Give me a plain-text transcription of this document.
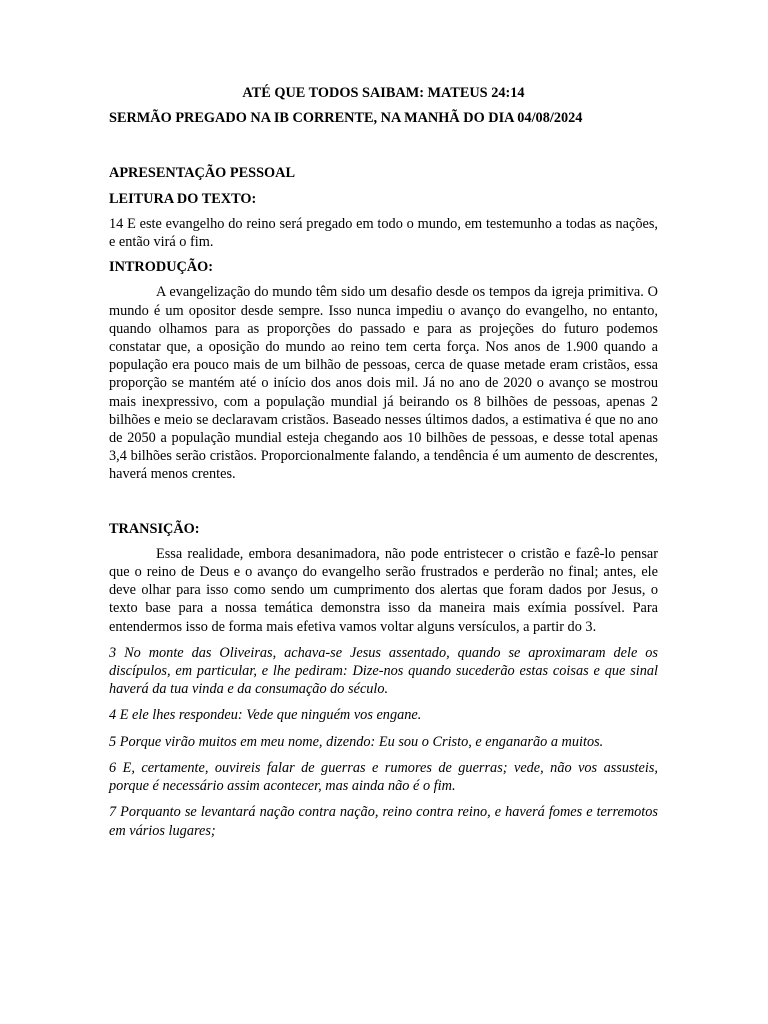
ATÉ QUE TODOS SAIBAM: MATEUS 24:14

SERMÃO PREGADO NA IB CORRENTE, NA MANHÃ DO DIA 04/08/2024

APRESENTAÇÃO PESSOAL

LEITURA DO TEXTO:

14 E este evangelho do reino será pregado em todo o mundo, em testemunho a todas as nações, e então virá o fim.

INTRODUÇÃO:

A evangelização do mundo têm sido um desafio desde os tempos da igreja primitiva. O mundo é um opositor desde sempre. Isso nunca impediu o avanço do evangelho, no entanto, quando olhamos para as proporções do passado e para as projeções do futuro podemos constatar que, a oposição do mundo ao reino tem certa força. Nos anos de 1.900 quando a população era pouco mais de um bilhão de pessoas, cerca de quase metade eram cristãos, essa proporção se mantém até o início dos anos dois mil. Já no ano de 2020 o avanço se mostrou mais inexpressivo, com a população mundial já beirando os 8 bilhões de pessoas, apenas 2 bilhões e meio se declaravam cristãos. Baseado nesses últimos dados, a estimativa é que no ano de 2050 a população mundial esteja chegando aos 10 bilhões de pessoas, e desse total apenas 3,4 bilhões serão cristãos. Proporcionalmente falando, a tendência é um aumento de descrentes, haverá menos crentes.

TRANSIÇÃO:

Essa realidade, embora desanimadora, não pode entristecer o cristão e fazê-lo pensar que o reino de Deus e o avanço do evangelho serão frustrados e perderão no final; antes, ele deve olhar para isso como sendo um cumprimento dos alertas que foram dados por Jesus, o texto base para a nossa temática demonstra isso da maneira mais exímia possível. Para entendermos isso de forma mais efetiva vamos voltar alguns versículos, a partir do 3.

3 No monte das Oliveiras, achava-se Jesus assentado, quando se aproximaram dele os discípulos, em particular, e lhe pediram: Dize-nos quando sucederão estas coisas e que sinal haverá da tua vinda e da consumação do século.

4 E ele lhes respondeu: Vede que ninguém vos engane.

5 Porque virão muitos em meu nome, dizendo: Eu sou o Cristo, e enganarão a muitos.

6 E, certamente, ouvireis falar de guerras e rumores de guerras; vede, não vos assusteis, porque é necessário assim acontecer, mas ainda não é o fim.

7 Porquanto se levantará nação contra nação, reino contra reino, e haverá fomes e terremotos em vários lugares;
